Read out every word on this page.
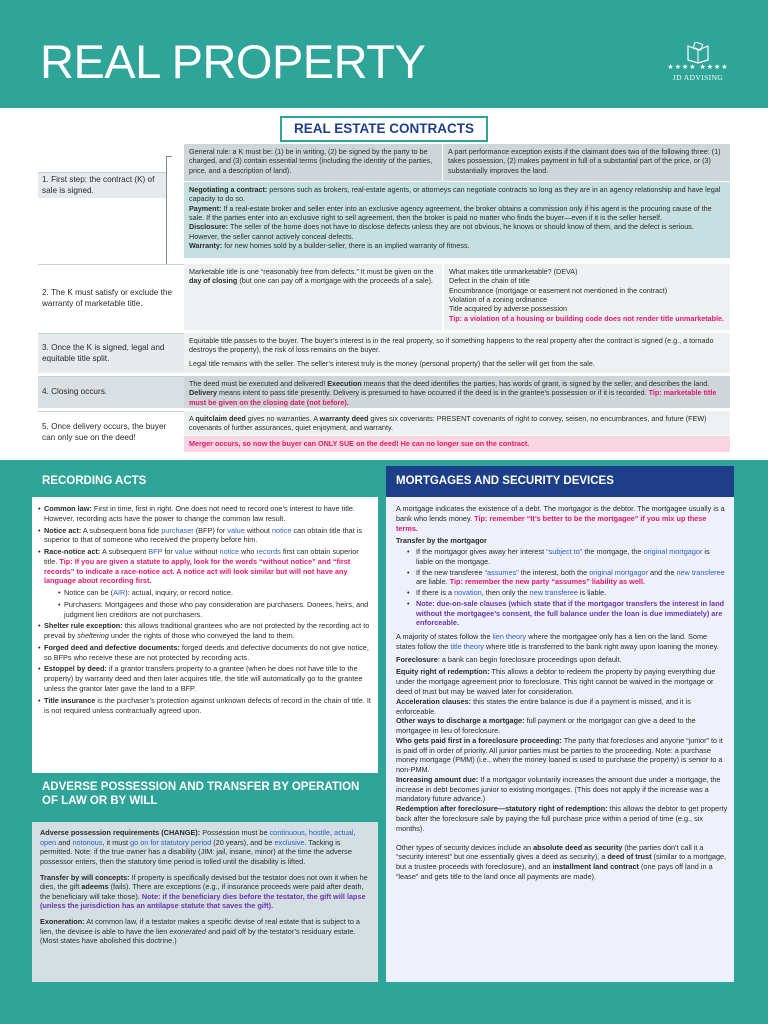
REAL PROPERTY	★★★★ ★★★★
JD ADVISING
REAL ESTATE CONTRACTS
1. First step: the contract (K) of sale is signed.
General rule: a K must be: (1) be in writing, (2) be signed by the party to be charged, and (3) contain essential terms (including the identity of the parties, price, and a description of land).
A part performance exception exists if the claimant does two of the following three: (1) takes possession, (2) makes payment in full of a substantial part of the price, or (3) substantially improves the land.
Negotiating a contract: persons such as brokers, real-estate agents, or attorneys can negotiate contracts so long as they are in an agency relationship and have legal capacity to do so.
Payment: If a real-estate broker and seller enter into an exclusive agency agreement, the broker obtains a commission only if his agent is the procuring cause of the sale. If the parties enter into an exclusive right to sell agreement, then the broker is paid no matter who finds the buyer—even if it is the seller herself.
Disclosure: The seller of the home does not have to disclose defects unless they are not obvious, he knows or should know of them, and the defect is serious. However, the seller cannot actively conceal defects.
Warranty: for new homes sold by a builder-seller, there is an implied warranty of fitness.
2. The K must satisfy or exclude the warranty of marketable title.
Marketable title is one “reasonably free from defects.” It must be given on the day of closing (but one can pay off a mortgage with the proceeds of a sale).
What makes title unmarketable? (DEVA)
Defect in the chain of title
Encumbrance (mortgage or easement not mentioned in the contract)
Violation of a zoning ordinance
Title acquired by adverse possession
Tip: a violation of a housing or building code does not render title unmarketable.
3. Once the K is signed, legal and equitable title split.
Equitable title passes to the buyer. The buyer’s interest is in the real property, so if something happens to the real property after the contract is signed (e.g., a tornado destroys the property), the risk of loss remains on the buyer.
Legal title remains with the seller. The seller’s interest truly is the money (personal property) that the seller will get from the sale.
4. Closing occurs.
The deed must be executed and delivered! Execution means that the deed identifies the parties, has words of grant, is signed by the seller, and describes the land. Delivery means intent to pass title presently. Delivery is presumed to have occurred if the deed is in the grantee’s possession or if it is recorded. Tip: marketable title must be given on the closing date (not before).
5. Once delivery occurs, the buyer can only sue on the deed!
A quitclaim deed gives no warranties. A warranty deed gives six covenants: PRESENT covenants of right to convey, seisen, no encumbrances, and future (FEW) covenants of further assurances, quiet enjoyment, and warranty.
Merger occurs, so now the buyer can ONLY SUE on the deed! He can no longer sue on the contract.
RECORDING ACTS
• Common law: First in time, first in right. One does not need to record one’s interest to have title. However, recording acts have the power to change the common law result.
• Notice act: A subsequent bona fide purchaser (BFP) for value without notice can obtain title that is superior to that of someone who received the property before him.
• Race-notice act: A subsequent BFP for value without notice who records first can obtain superior title. Tip: If you are given a statute to apply, look for the words “without notice” and “first records” to indicate a race-notice act. A notice act will look similar but will not have any language about recording first.
• Notice can be (AIR): actual, inquiry, or record notice.
• Purchasers: Mortgagees and those who pay consideration are purchasers. Donees, heirs, and judgment lien creditors are not purchasers.
• Shelter rule exception: this allows traditional grantees who are not protected by the recording act to prevail by sheltering under the rights of those who conveyed the land to them.
• Forged deed and defective documents: forged deeds and defective documents do not give notice, so BFPs who receive these are not protected by recording acts.
• Estoppel by deed: if a grantor transfers property to a grantee (when he does not have title to the property) by warranty deed and then later acquires title, the title will automatically go to the grantee unless the grantor later gave the land to a BFP.
• Title insurance is the purchaser’s protection against unknown defects of record in the chain of title. It is not required unless contractually agreed upon.
ADVERSE POSSESSION AND TRANSFER BY OPERATION OF LAW OR BY WILL

Adverse possession requirements (CHANGE): Possession must be continuous, hostile, actual, open and notorious, it must go on for statutory period (20 years), and be exclusive. Tacking is permitted. Note: if the true owner has a disability (JIM: jail, insane, minor) at the time the adverse possessor enters, then the statutory time period is tolled until the disability is lifted.

Transfer by will concepts: If property is specifically devised but the testator does not own it when he dies, the gift adeems (fails). There are exceptions (e.g., if insurance proceeds were paid after death, the beneficiary will take those). Note: if the beneficiary dies before the testator, the gift will lapse (unless the jurisdiction has an antilapse statute that saves the gift).

Exoneration: At common law, if a testator makes a specific devise of real estate that is subject to a lien, the devisee is able to have the lien exonerated and paid off by the testator’s residuary estate. (Most states have abolished this doctrine.)

MORTGAGES AND SECURITY DEVICES

A mortgage indicates the existence of a debt. The mortgagor is the debtor. The mortgagee usually is a bank who lends money. Tip: remember “It’s better to be the mortgagee” if you mix up these terms.

Transfer by the mortgagor

• If the mortgagor gives away her interest “subject to” the mortgage, the original mortgagor is liable on the mortgage.
• If the new transferee “assumes” the interest, both the original mortgagor and the new transferee are liable. Tip: remember the new party “assumes” liability as well.
• If there is a novation, then only the new transferee is liable.
• Note: due-on-sale clauses (which state that if the mortgagor transfers the interest in land without the mortgagee’s consent, the full balance under the loan is due immediately) are enforceable.

A majority of states follow the lien theory where the mortgagee only has a lien on the land. Some states follow the title theory where title is transferred to the bank right away upon loaning the money.

Foreclosure: a bank can begin foreclosure proceedings upon default.

Equity right of redemption: This allows a debtor to redeem the property by paying everything due under the mortgage agreement prior to foreclosure. This right cannot be waived in the mortgage or deed of trust but may be waived later for consideration.

Acceleration clauses: this states the entire balance is due if a payment is missed, and it is enforceable.

Other ways to discharge a mortgage: full payment or the mortgagor can give a deed to the mortgagee in lieu of foreclosure.

Who gets paid first in a foreclosure proceeding: The party that forecloses and anyone “junior” to it is paid off in order of priority. All junior parties must be parties to the proceeding. Note: a purchase money mortgage (PMM) (i.e., when the money loaned is used to purchase the property) is senior to a non-PMM.

Increasing amount due: If a mortgagor voluntarily increases the amount due under a mortgage, the increase in debt becomes junior to existing mortgages. (This does not apply if the increase was a mandatory future advance.)

Redemption after foreclosure—statutory right of redemption: this allows the debtor to get property back after the foreclosure sale by paying the full purchase price within a period of time (e.g., six months).

Other types of security devices include an absolute deed as security (the parties don’t call it a “security interest” but one essentially gives a deed as security), a deed of trust (similar to a mortgage, but a trustee proceeds with foreclosure), and an installment land contract (one pays off land in a “lease” and gets title to the land once all payments are made).
